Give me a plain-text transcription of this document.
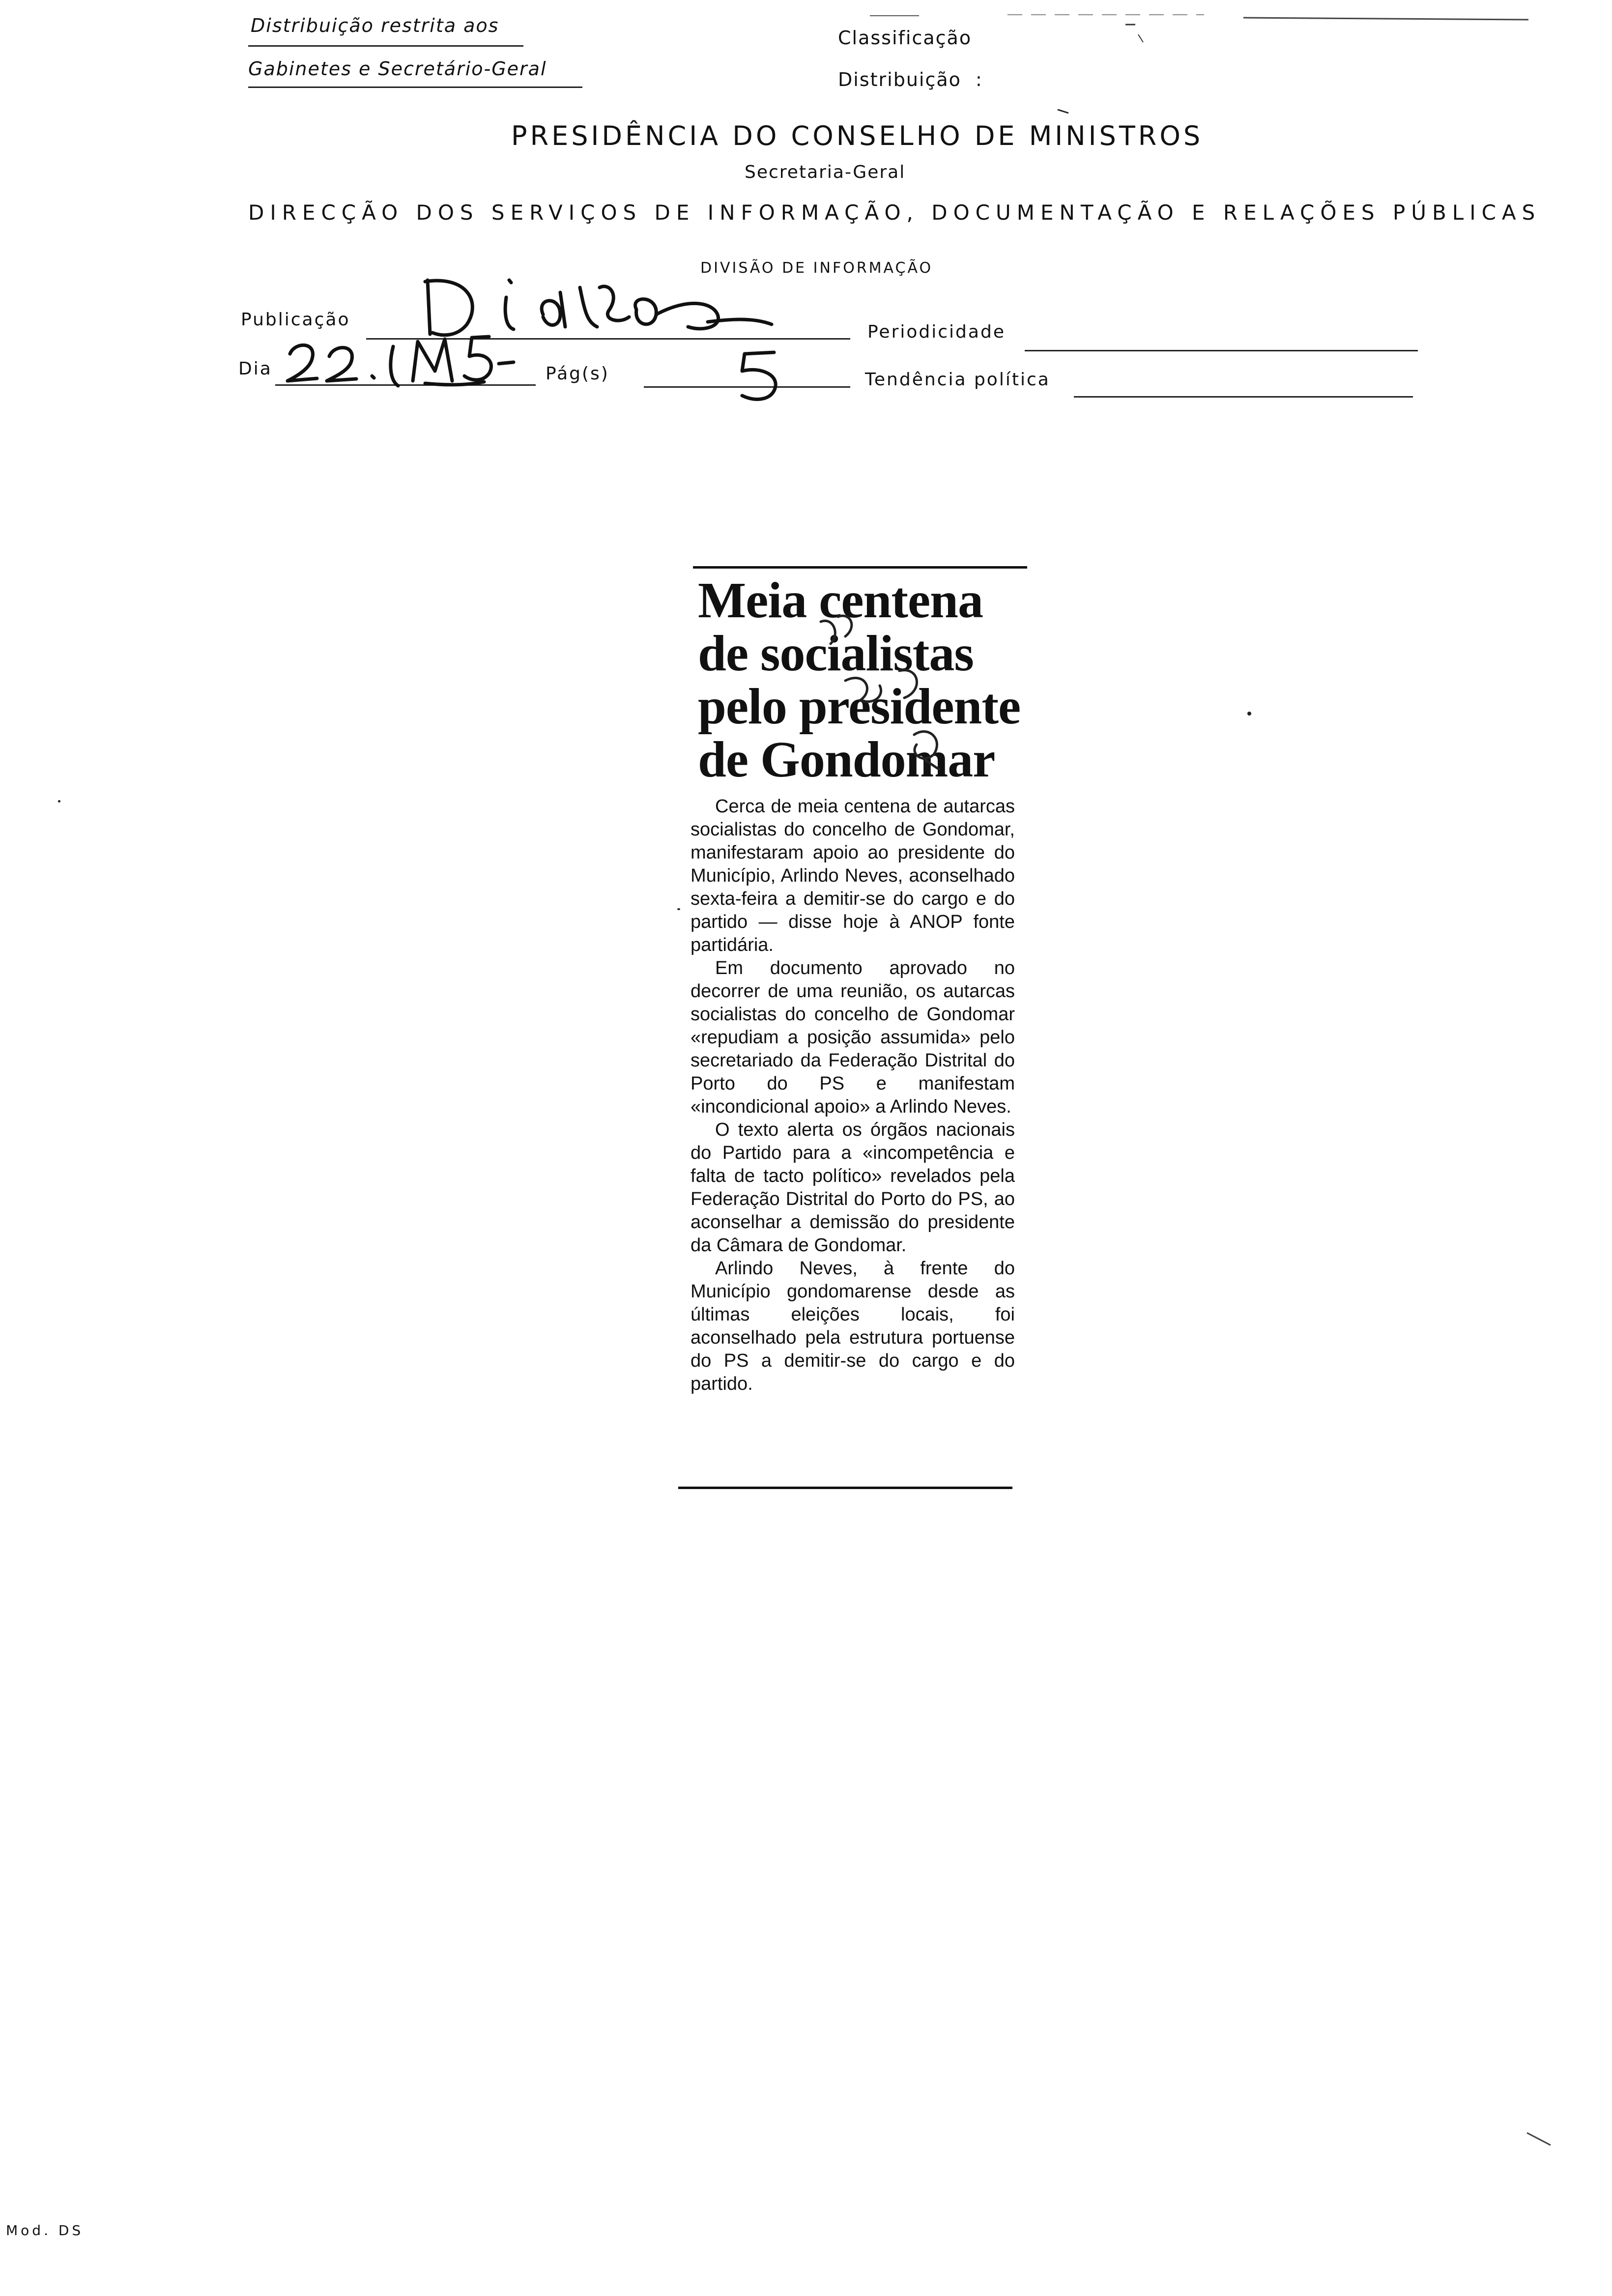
Distribuição restrita aos
Gabinetes e Secretário-Geral
Classificação
Distribuição :
PRESIDÊNCIA DO CONSELHO DE MINISTROS
Secretaria-Geral
DIRECÇÃO DOS SERVIÇOS DE INFORMAÇÃO, DOCUMENTAÇÃO E RELAÇÕES PÚBLICAS
DIVISÃO DE INFORMAÇÃO
Publicação
Periodicidade
Dia	Pág(s)	Tendência política
Meia centena
de socialistas
pelo presidente
de Gondomar

Cerca de meia centena de autarcas socialistas do concelho de Gondomar, manifestaram apoio ao presidente do Município, Arlindo Neves, aconselhado sexta-feira a demitir-se do cargo e do partido — disse hoje à ANOP fonte partidária.

Em documento aprovado no decorrer de uma reunião, os autarcas socialistas do concelho de Gondomar «repudiam a posição assumida» pelo secretariado da Federação Distrital do Porto do PS e manifestam «incondicional apoio» a Arlindo Neves.

O texto alerta os órgãos nacionais do Partido para a «incompetência e falta de tacto político» revelados pela Federação Distrital do Porto do PS, ao aconselhar a demissão do presidente da Câmara de Gondomar.

Arlindo Neves, à frente do Município gondomarense desde as últimas eleições locais, foi aconselhado pela estrutura portuense do PS a demitir-se do cargo e do partido.

Mod. DS
